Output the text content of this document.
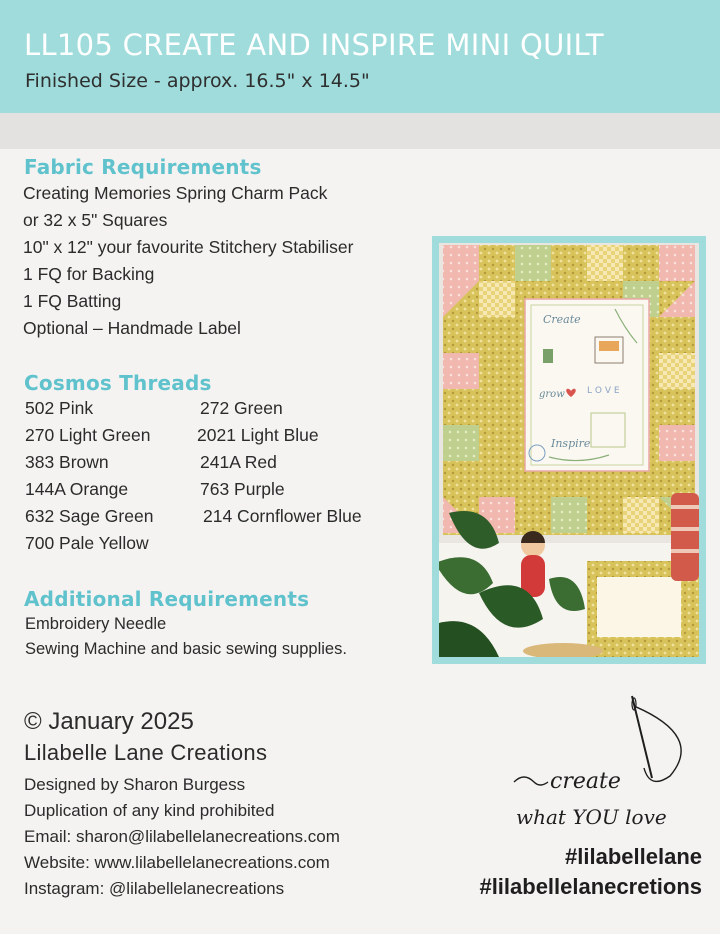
LL105 CREATE AND INSPIRE MINI QUILT
Finished Size - approx. 16.5" x 14.5"
Fabric Requirements
Creating Memories Spring Charm Pack
or 32 x 5" Squares
10" x 12" your favourite Stitchery Stabiliser
1 FQ for Backing
1 FQ Batting
Optional – Handmade Label
Cosmos Threads
502 Pink	272 Green
270 Light Green	2021 Light Blue
383 Brown	241A Red
144A Orange	763 Purple
632 Sage Green	214 Cornflower Blue
700 Pale Yellow
Additional Requirements
Embroidery Needle
Sewing Machine and basic sewing supplies.
Create
grow L O V E
Inspire
© January 2025
Lilabelle Lane Creations
Designed by Sharon Burgess
Duplication of any kind prohibited
Email: sharon@lilabellelanecreations.com
Website: www.lilabellelanecreations.com
Instagram: @lilabellelanecreations
create
what YOU love
#lilabellelane
#lilabellelanecretions
